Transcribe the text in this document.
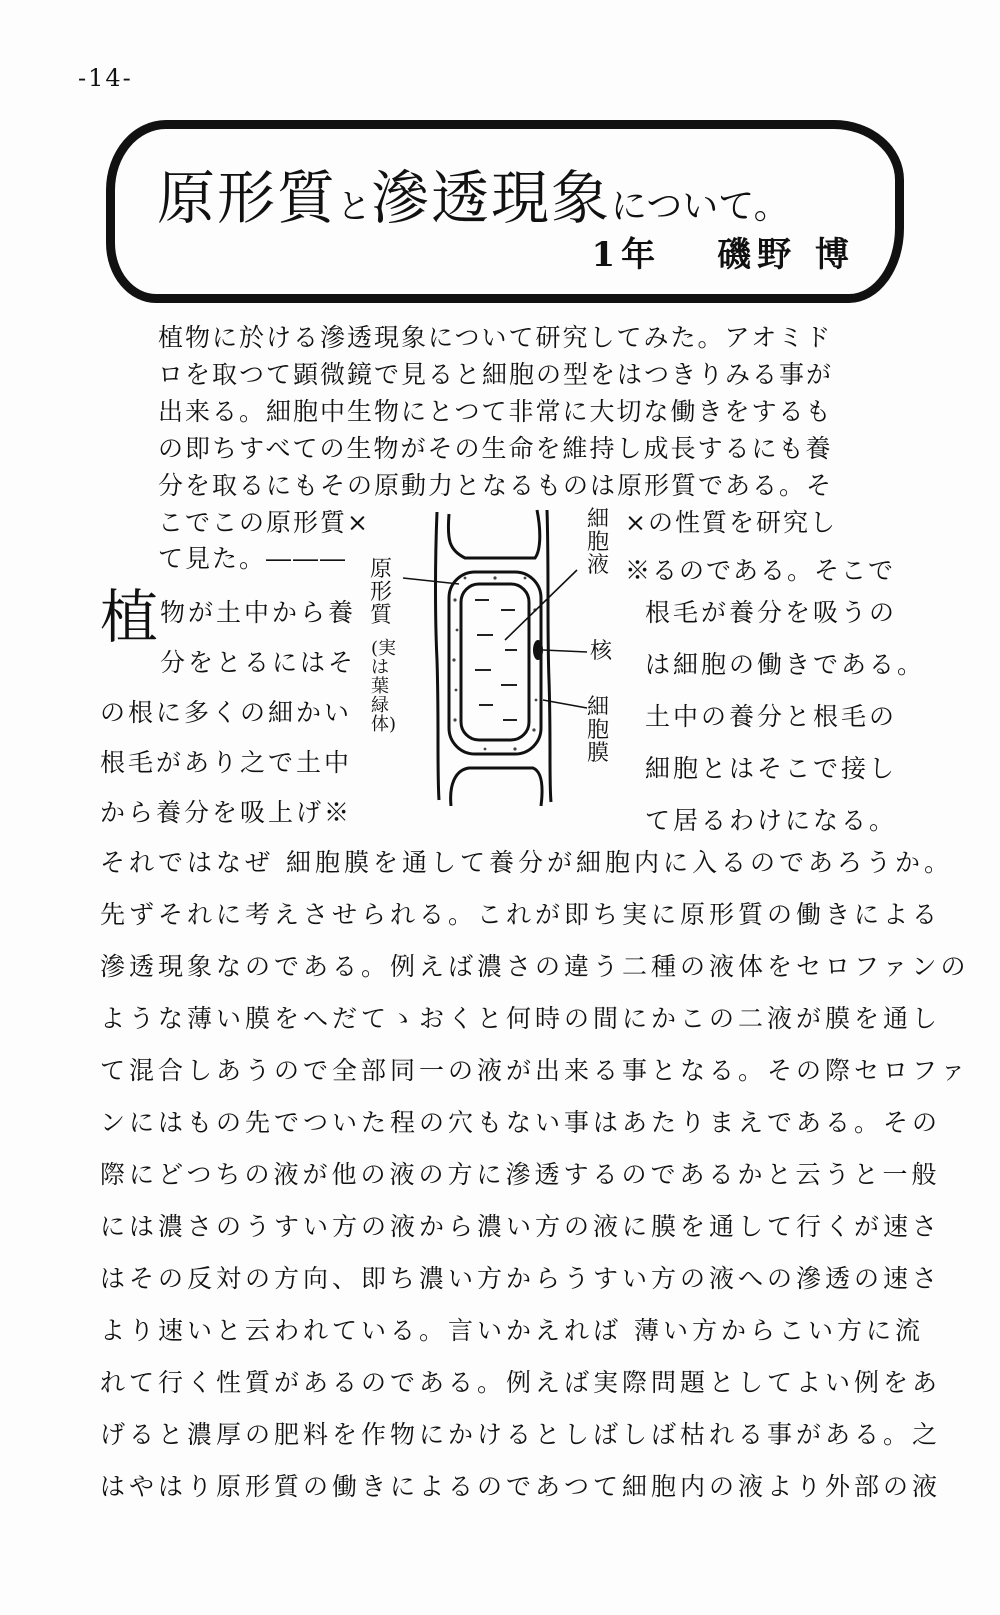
-14-
原形質と滲透現象について。
1年 磯野 博
植物に於ける滲透現象について研究してみた。アオミド
ロを取つて顕微鏡で見ると細胞の型をはつきりみる事が
出来る。細胞中生物にとつて非常に大切な働きをするも
の即ちすべての生物がその生命を維持し成長するにも養
分を取るにもその原動力となるものは原形質である。そ
こでこの原形質×
て見た。―――
×の性質を研究し
※るのである。そこで
植 物が土中から養
分をとるにはそ
の根に多くの細かい
根毛があり之で土中
から養分を吸上げ※
根毛が養分を吸うの
は細胞の働きである。
土中の養分と根毛の
細胞とはそこで接し
て居るわけになる。
原形質
(実は葉緑体)
細胞液
核
細胞膜
それではなぜ 細胞膜を通して養分が細胞内に入るのであろうか。
先ずそれに考えさせられる。これが即ち実に原形質の働きによる
滲透現象なのである。例えば濃さの違う二種の液体をセロファンの
ような薄い膜をへだてゝおくと何時の間にかこの二液が膜を通し
て混合しあうので全部同一の液が出来る事となる。その際セロファ
ンにはもの先でついた程の穴もない事はあたりまえである。その
際にどつちの液が他の液の方に滲透するのであるかと云うと一般
には濃さのうすい方の液から濃い方の液に膜を通して行くが速さ
はその反対の方向、即ち濃い方からうすい方の液への滲透の速さ
より速いと云われている。言いかえれば 薄い方からこい方に流
れて行く性質があるのである。例えば実際問題としてよい例をあ
げると濃厚の肥料を作物にかけるとしばしば枯れる事がある。之
はやはり原形質の働きによるのであつて細胞内の液より外部の液
